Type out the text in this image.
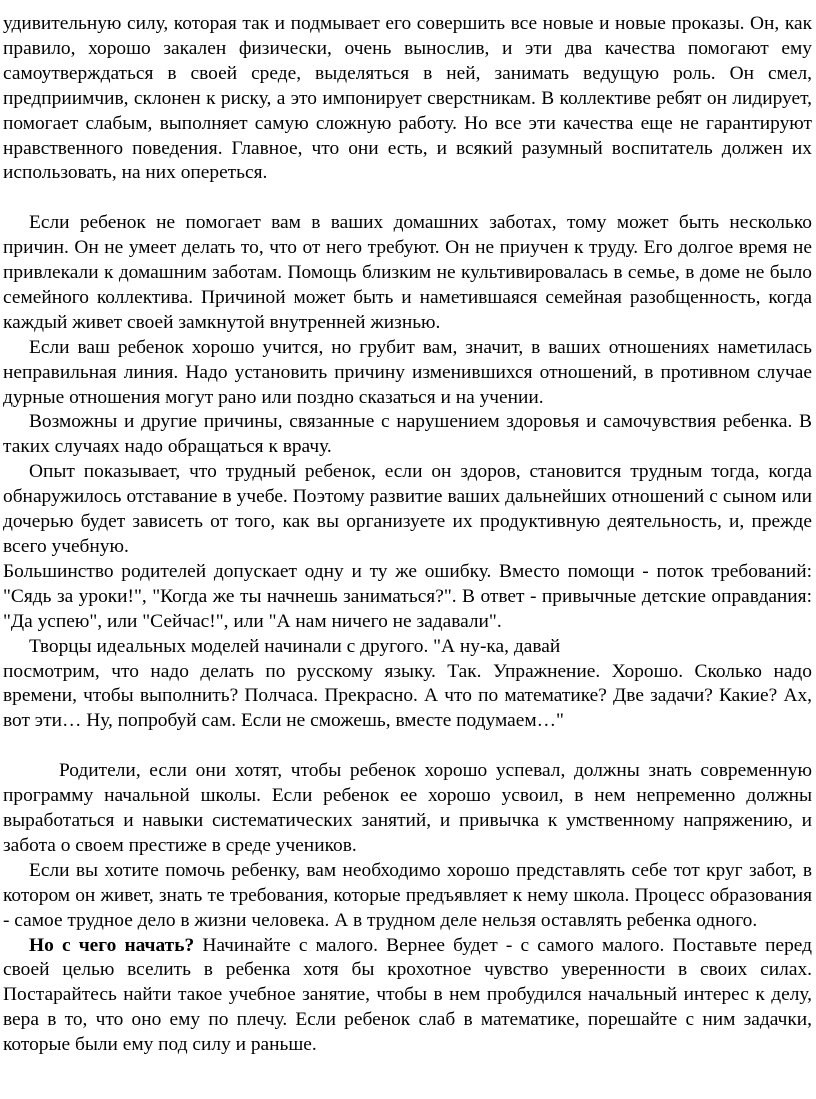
удивительную силу, которая так и подмывает его совершить все новые и новые проказы. Он, как правило, хорошо закален физически, очень вынослив, и эти два качества помогают ему самоутверждаться в своей среде, выделяться в ней, занимать ведущую роль. Он смел, предприимчив, склонен к риску, а это импонирует сверстникам. В коллективе ребят он лидирует, помогает слабым, выполняет самую сложную работу. Но все эти качества еще не гарантируют нравственного поведения. Главное, что они есть, и всякий разумный воспитатель должен их использовать, на них опереться.

Если ребенок не помогает вам в ваших домашних заботах, тому может быть несколько причин. Он не умеет делать то, что от него требуют. Он не приучен к труду. Его долгое время не привлекали к домашним заботам. Помощь близким не культивировалась в семье, в доме не было семейного коллектива. Причиной может быть и наметившаяся семейная разобщенность, когда каждый живет своей замкнутой внутренней жизнью.

Если ваш ребенок хорошо учится, но грубит вам, значит, в ваших отношениях наметилась неправильная линия. Надо установить причину изменившихся отношений, в противном случае дурные отношения могут рано или поздно сказаться и на учении.

Возможны и другие причины, связанные с нарушением здоровья и самочувствия ребенка. В таких случаях надо обращаться к врачу.

Опыт показывает, что трудный ребенок, если он здоров, становится трудным тогда, когда обнаружилось отставание в учебе. Поэтому развитие ваших дальнейших отношений с сыном или дочерью будет зависеть от того, как вы организуете их продуктивную деятельность, и, прежде всего учебную.

Большинство родителей допускает одну и ту же ошибку. Вместо помощи - поток требований: "Сядь за уроки!", "Когда же ты начнешь заниматься?". В ответ - привычные детские оправдания: "Да успею", или "Сейчас!", или "А нам ничего не задавали".

Творцы идеальных моделей начинали с другого. "А ну-ка, давай

посмотрим, что надо делать по русскому языку. Так. Упражнение. Хорошо. Сколько надо времени, чтобы выполнить? Полчаса. Прекрасно. А что по математике? Две задачи? Какие? Ах, вот эти… Ну, попробуй сам. Если не сможешь, вместе подумаем…"

Родители, если они хотят, чтобы ребенок хорошо успевал, должны знать современную программу начальной школы. Если ребенок ее хорошо усвоил, в нем непременно должны выработаться и навыки систематических занятий, и привычка к умственному напряжению, и забота о своем престиже в среде учеников.

Если вы хотите помочь ребенку, вам необходимо хорошо представлять себе тот круг забот, в котором он живет, знать те требования, которые предъявляет к нему школа. Процесс образования - самое трудное дело в жизни человека. А в трудном деле нельзя оставлять ребенка одного.

Но с чего начать? Начинайте с малого. Вернее будет - с самого малого. Поставьте перед своей целью вселить в ребенка хотя бы крохотное чувство уверенности в своих силах. Постарайтесь найти такое учебное занятие, чтобы в нем пробудился начальный интерес к делу, вера в то, что оно ему по плечу. Если ребенок слаб в математике, порешайте с ним задачки, которые были ему под силу и раньше.
